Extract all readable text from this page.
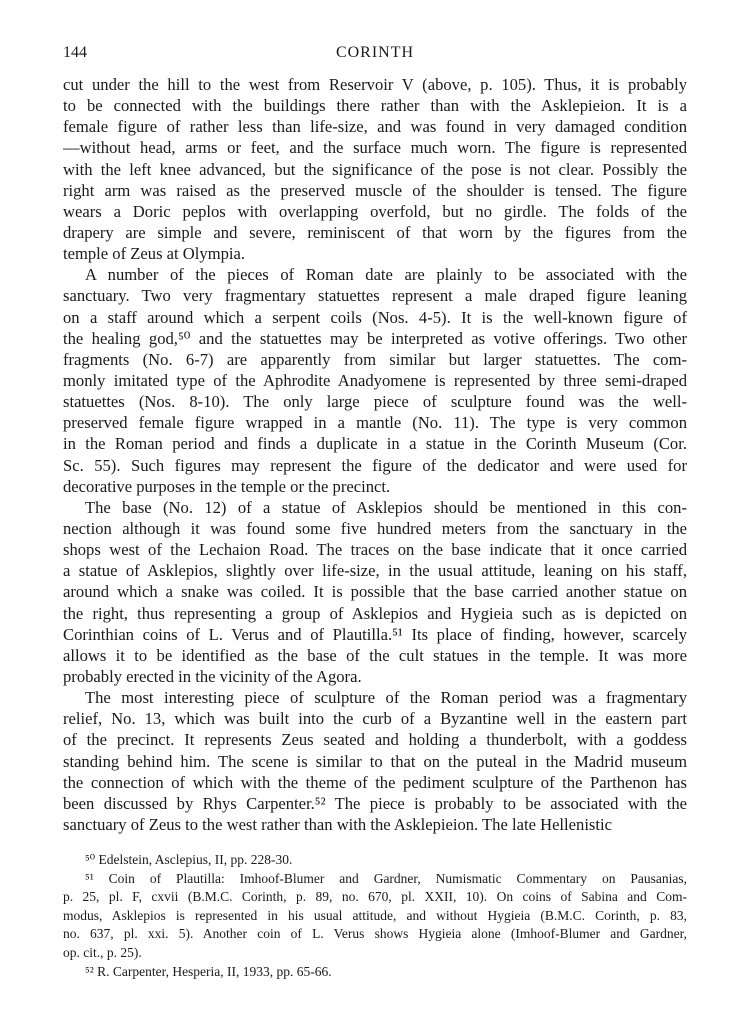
144	CORINTH
cut under the hill to the west from Reservoir V (above, p. 105). Thus, it is probably
to be connected with the buildings there rather than with the Asklepieion. It is a
female figure of rather less than life-size, and was found in very damaged condition
—without head, arms or feet, and the surface much worn. The figure is represented
with the left knee advanced, but the significance of the pose is not clear. Possibly the
right arm was raised as the preserved muscle of the shoulder is tensed. The figure
wears a Doric peplos with overlapping overfold, but no girdle. The folds of the
drapery are simple and severe, reminiscent of that worn by the figures from the
temple of Zeus at Olympia.
A number of the pieces of Roman date are plainly to be associated with the
sanctuary. Two very fragmentary statuettes represent a male draped figure leaning
on a staff around which a serpent coils (Nos. 4-5). It is the well-known figure of
the healing god,⁵⁰ and the statuettes may be interpreted as votive offerings. Two other
fragments (No. 6-7) are apparently from similar but larger statuettes. The com-
monly imitated type of the Aphrodite Anadyomene is represented by three semi-draped
statuettes (Nos. 8-10). The only large piece of sculpture found was the well-
preserved female figure wrapped in a mantle (No. 11). The type is very common
in the Roman period and finds a duplicate in a statue in the Corinth Museum (Cor.
Sc. 55). Such figures may represent the figure of the dedicator and were used for
decorative purposes in the temple or the precinct.
The base (No. 12) of a statue of Asklepios should be mentioned in this con-
nection although it was found some five hundred meters from the sanctuary in the
shops west of the Lechaion Road. The traces on the base indicate that it once carried
a statue of Asklepios, slightly over life-size, in the usual attitude, leaning on his staff,
around which a snake was coiled. It is possible that the base carried another statue on
the right, thus representing a group of Asklepios and Hygieia such as is depicted on
Corinthian coins of L. Verus and of Plautilla.⁵¹ Its place of finding, however, scarcely
allows it to be identified as the base of the cult statues in the temple. It was more
probably erected in the vicinity of the Agora.
The most interesting piece of sculpture of the Roman period was a fragmentary
relief, No. 13, which was built into the curb of a Byzantine well in the eastern part
of the precinct. It represents Zeus seated and holding a thunderbolt, with a goddess
standing behind him. The scene is similar to that on the puteal in the Madrid museum
the connection of which with the theme of the pediment sculpture of the Parthenon has
been discussed by Rhys Carpenter.⁵² The piece is probably to be associated with the
sanctuary of Zeus to the west rather than with the Asklepieion. The late Hellenistic
⁵⁰ Edelstein, Asclepius, II, pp. 228-30.
⁵¹ Coin of Plautilla: Imhoof-Blumer and Gardner, Numismatic Commentary on Pausanias,
p. 25, pl. F, cxvii (B.M.C. Corinth, p. 89, no. 670, pl. XXII, 10). On coins of Sabina and Com-
modus, Asklepios is represented in his usual attitude, and without Hygieia (B.M.C. Corinth, p. 83,
no. 637, pl. xxi. 5). Another coin of L. Verus shows Hygieia alone (Imhoof-Blumer and Gardner,
op. cit., p. 25).
⁵² R. Carpenter, Hesperia, II, 1933, pp. 65-66.
